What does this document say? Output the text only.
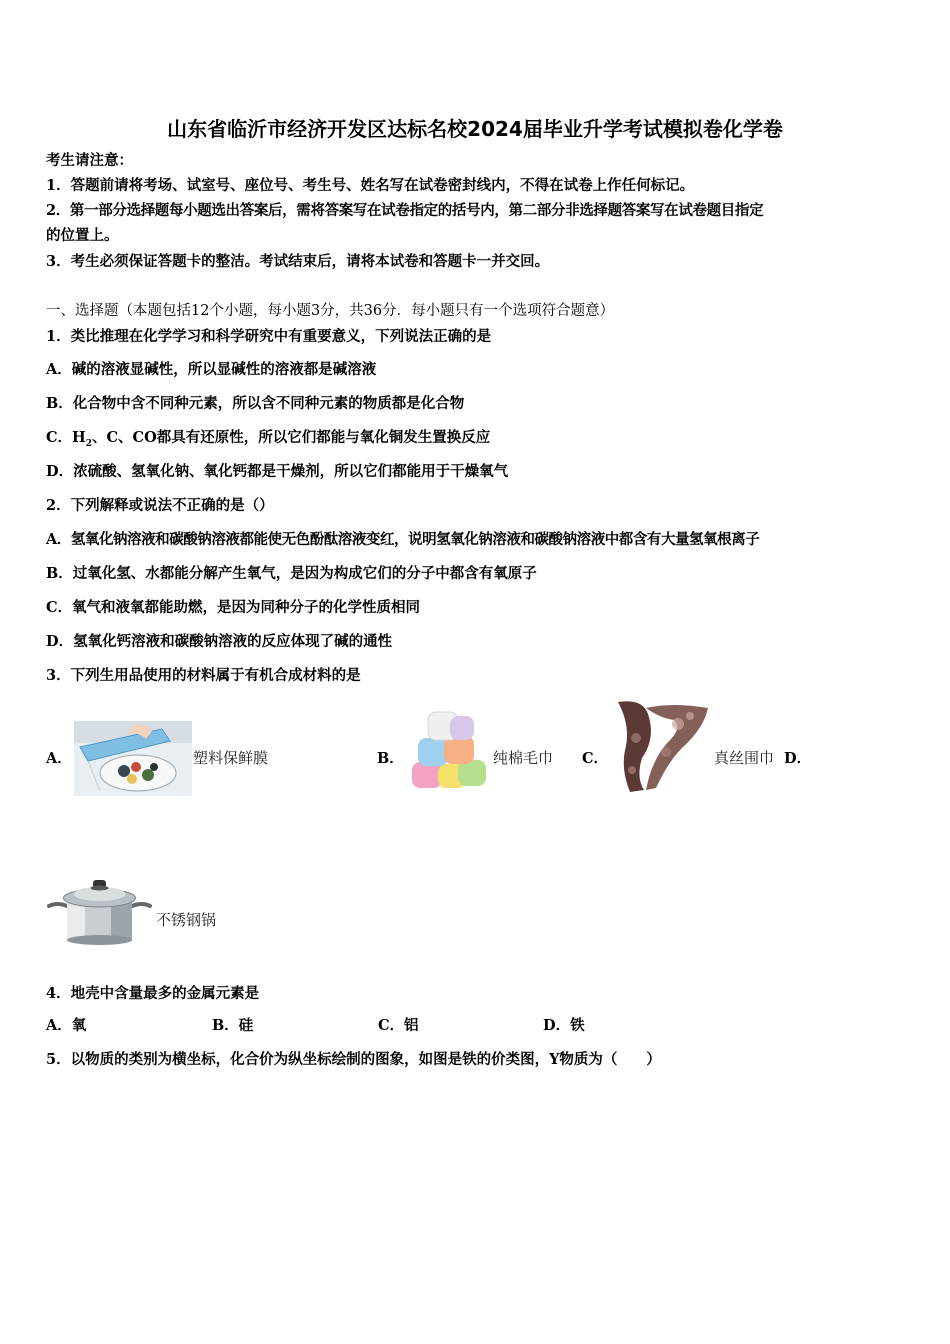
山东省临沂市经济开发区达标名校2024届毕业升学考试模拟卷化学卷
考生请注意：
1．答题前请将考场、试室号、座位号、考生号、姓名写在试卷密封线内，不得在试卷上作任何标记。
2．第一部分选择题每小题选出答案后，需将答案写在试卷指定的括号内，第二部分非选择题答案写在试卷题目指定
的位置上。
3．考生必须保证答题卡的整洁。考试结束后，请将本试卷和答题卡一并交回。
一、选择题（本题包括12个小题，每小题3分，共36分．每小题只有一个选项符合题意）
1．类比推理在化学学习和科学研究中有重要意义，下列说法正确的是
A．碱的溶液显碱性，所以显碱性的溶液都是碱溶液
B．化合物中含不同种元素，所以含不同种元素的物质都是化合物
C．$H_2$、C、CO都具有还原性，所以它们都能与氧化铜发生置换反应
D．浓硫酸、氢氧化钠、氧化钙都是干燥剂，所以它们都能用于干燥氧气
2．下列解释或说法不正确的是（）
A．氢氧化钠溶液和碳酸钠溶液都能使无色酚酞溶液变红，说明氢氧化钠溶液和碳酸钠溶液中都含有大量氢氧根离子
B．过氧化氢、水都能分解产生氧气，是因为构成它们的分子中都含有氧原子
C．氧气和液氧都能助燃，是因为同种分子的化学性质相同
D．氢氧化钙溶液和碳酸钠溶液的反应体现了碱的通性
3．下列生用品使用的材料属于有机合成材料的是
A．	塑料保鲜膜	B．	纯棉毛巾 C．	真丝围巾 D．
不锈钢锅
4．地壳中含量最多的金属元素是
A．氧	B．硅	C．铝	D．铁
5．以物质的类别为横坐标，化合价为纵坐标绘制的图象，如图是铁的价类图，Y物质为（　　）
